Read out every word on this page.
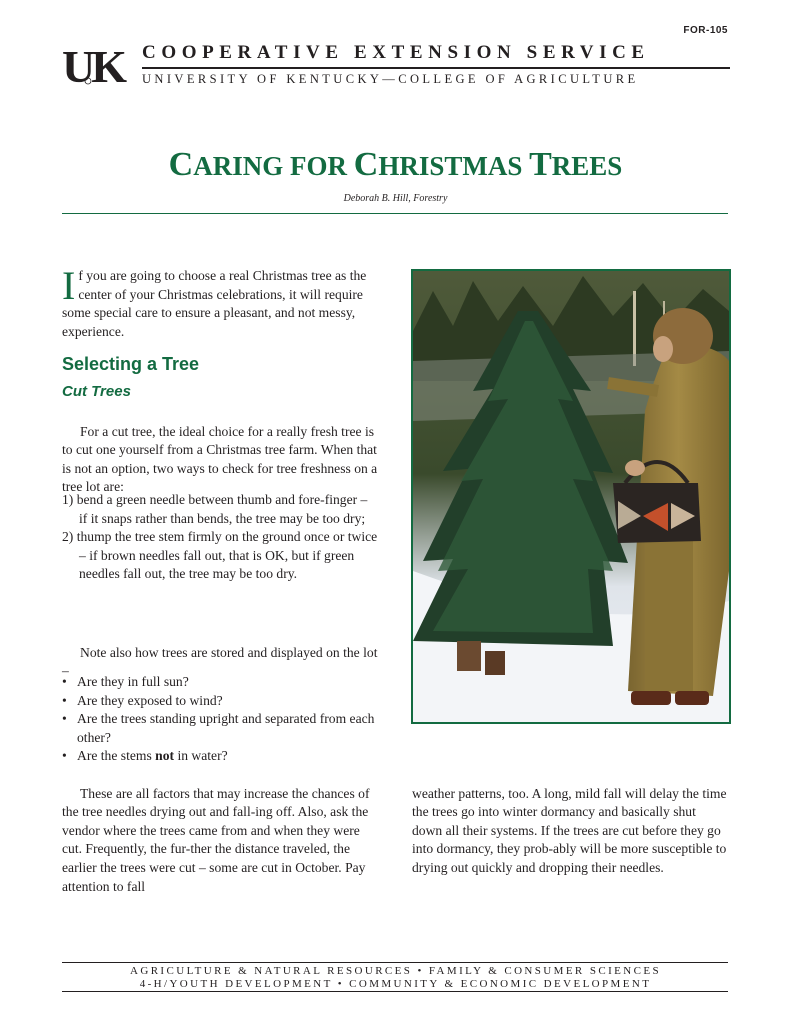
FOR-105
UK COOPERATIVE EXTENSION SERVICE
UNIVERSITY OF KENTUCKY—COLLEGE OF AGRICULTURE
CARING FOR CHRISTMAS TREES
Deborah B. Hill, Forestry
If you are going to choose a real Christmas tree as the center of your Christmas celebrations, it will require some special care to ensure a pleasant, and not messy, experience.
Selecting a Tree
Cut Trees

For a cut tree, the ideal choice for a really fresh tree is to cut one yourself from a Christmas tree farm. When that is not an option, two ways to check for tree freshness on a tree lot are:

1) bend a green needle between thumb and fore-finger – if it snaps rather than bends, the tree may be too dry;
2) thump the tree stem firmly on the ground once or twice – if brown needles fall out, that is OK, but if green needles fall out, the tree may be too dry.

Note also how trees are stored and displayed on the lot –

• Are they in full sun?
• Are they exposed to wind?
• Are the trees standing upright and separated from each other?
• Are the stems not in water?

These are all factors that may increase the chances of the tree needles drying out and fall-ing off. Also, ask the vendor where the trees came from and when they were cut. Frequently, the fur-ther the distance traveled, the earlier the trees were cut – some are cut in October. Pay attention to fall

weather patterns, too. A long, mild fall will delay the time the trees go into winter dormancy and basically shut down all their systems. If the trees are cut before they go into dormancy, they prob-ably will be more susceptible to drying out quickly and dropping their needles.

AGRICULTURE & NATURAL RESOURCES • FAMILY & CONSUMER SCIENCES
4-H/YOUTH DEVELOPMENT • COMMUNITY & ECONOMIC DEVELOPMENT
